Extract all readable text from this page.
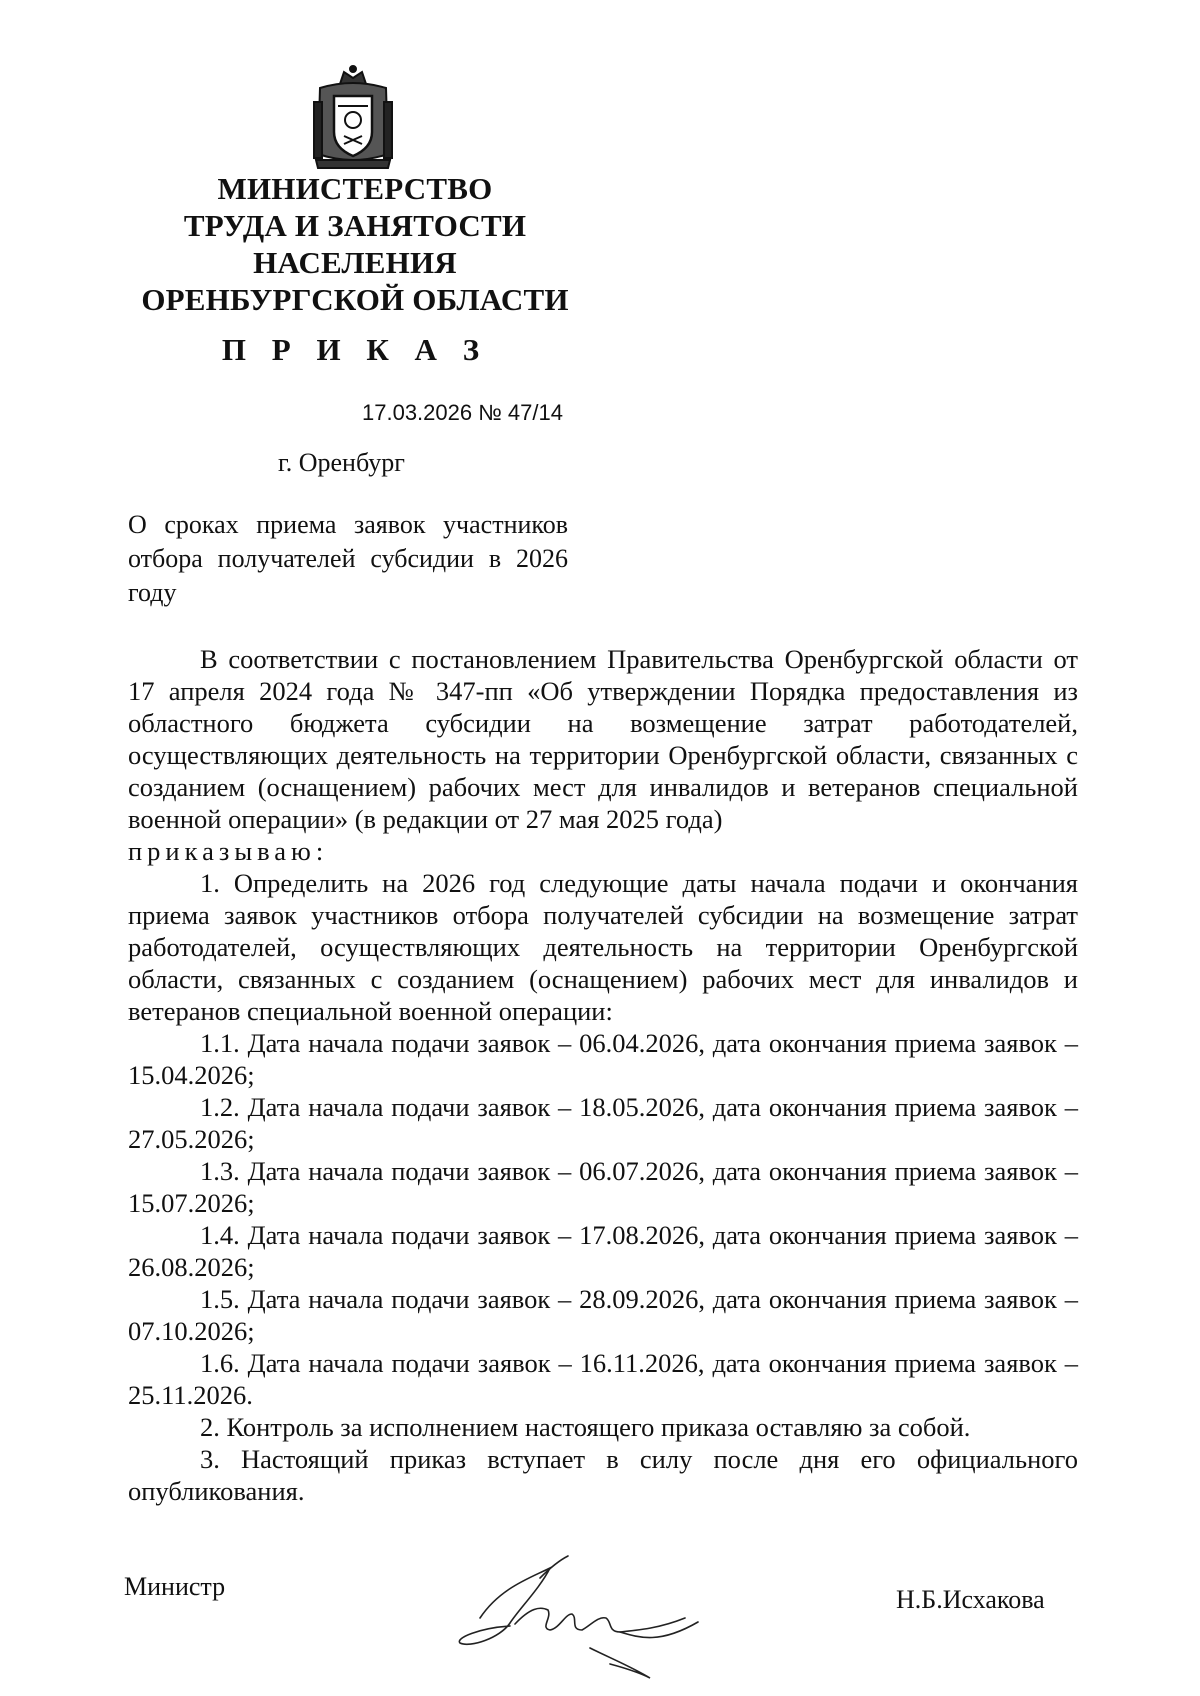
МИНИСТЕРСТВО
ТРУДА И ЗАНЯТОСТИ
НАСЕЛЕНИЯ
ОРЕНБУРГСКОЙ ОБЛАСТИ
П Р И К А З
17.03.2026 № 47/14
г. Оренбург
О сроках приема заявок участников отбора получателей субсидии в 2026 году

В соответствии с постановлением Правительства Оренбургской области от 17 апреля 2024 года № 347-пп «Об утверждении Порядка предоставления из областного бюджета субсидии на возмещение затрат работодателей, осуществляющих деятельность на территории Оренбургской области, связанных с созданием (оснащением) рабочих мест для инвалидов и ветеранов специальной военной операции» (в редакции от 27 мая 2025 года)

приказываю:

1. Определить на 2026 год следующие даты начала подачи и окончания приема заявок участников отбора получателей субсидии на возмещение затрат работодателей, осуществляющих деятельность на территории Оренбургской области, связанных с созданием (оснащением) рабочих мест для инвалидов и ветеранов специальной военной операции:

1.1. Дата начала подачи заявок – 06.04.2026, дата окончания приема заявок – 15.04.2026;

1.2. Дата начала подачи заявок – 18.05.2026, дата окончания приема заявок – 27.05.2026;

1.3. Дата начала подачи заявок – 06.07.2026, дата окончания приема заявок – 15.07.2026;

1.4. Дата начала подачи заявок – 17.08.2026, дата окончания приема заявок – 26.08.2026;

1.5. Дата начала подачи заявок – 28.09.2026, дата окончания приема заявок – 07.10.2026;

1.6. Дата начала подачи заявок – 16.11.2026, дата окончания приема заявок – 25.11.2026.

2. Контроль за исполнением настоящего приказа оставляю за собой.

3. Настоящий приказ вступает в силу после дня его официального опубликования.

Министр	Н.Б.Исхакова
